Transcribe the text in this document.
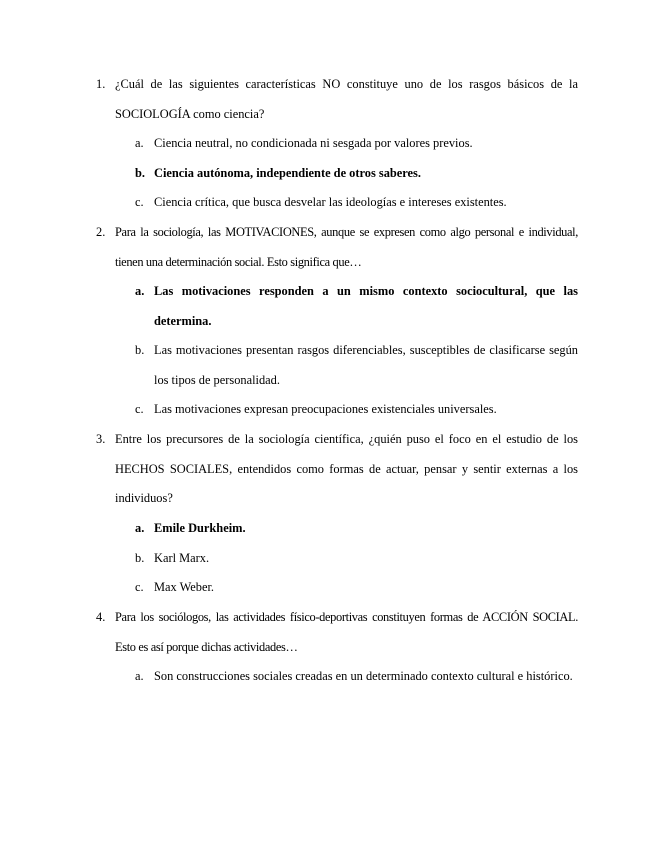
1. ¿Cuál de las siguientes características NO constituye uno de los rasgos básicos de la SOCIOLOGÍA como ciencia?
a. Ciencia neutral, no condicionada ni sesgada por valores previos.
b. Ciencia autónoma, independiente de otros saberes.
c. Ciencia crítica, que busca desvelar las ideologías e intereses existentes.
2. Para la sociología, las MOTIVACIONES, aunque se expresen como algo personal e individual, tienen una determinación social. Esto significa que…
a. Las motivaciones responden a un mismo contexto sociocultural, que las determina.
b. Las motivaciones presentan rasgos diferenciables, susceptibles de clasificarse según los tipos de personalidad.
c. Las motivaciones expresan preocupaciones existenciales universales.
3. Entre los precursores de la sociología científica, ¿quién puso el foco en el estudio de los HECHOS SOCIALES, entendidos como formas de actuar, pensar y sentir externas a los individuos?
a. Emile Durkheim.
b. Karl Marx.
c. Max Weber.
4. Para los sociólogos, las actividades físico-deportivas constituyen formas de ACCIÓN SOCIAL. Esto es así porque dichas actividades…
a. Son construcciones sociales creadas en un determinado contexto cultural e histórico.
